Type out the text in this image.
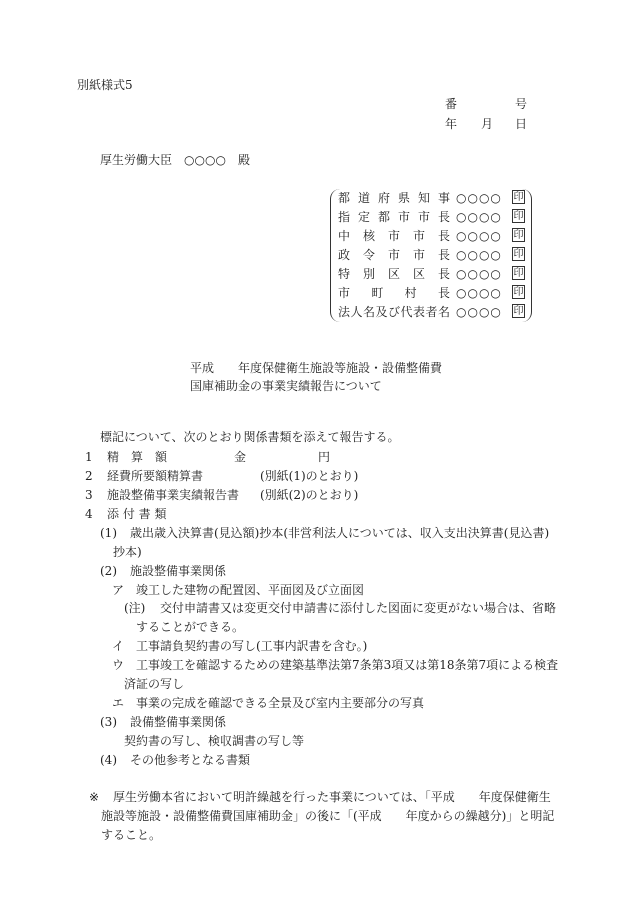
別紙様式5
番	号
年 月 日
厚生労働大臣　 ○○○○　 殿
都道府県知事 ○○○○ 印
指定都市市長 ○○○○ 印
中核市市長 ○○○○ 印
政令市市長 ○○○○ 印
特別区区長 ○○○○ 印
市町村長 ○○○○ 印
法人名及び代表者名 ○○○○ 印
平成　　年度保健衛生施設等施設・設備整備費
国庫補助金の事業実績報告について
標記について、次のとおり関係書類を添えて報告する。
1 精　算　額	金　　　　　　円
2 経費所要額精算書	(別紙(1)のとおり)
3 施設整備事業実績報告書 (別紙(2)のとおり)
4 添 付 書 類
(1) 歳出歳入決算書(見込額)抄本(非営利法人については、収入支出決算書(見込書)
抄本)
(2) 施設整備事業関係
ア 竣工した建物の配置図、平面図及び立面図
(注) 交付申請書又は変更交付申請書に添付した図面に変更がない場合は、省略
することができる。
イ 工事請負契約書の写し(工事内訳書を含む。)
ウ 工事竣工を確認するための建築基準法第7条第3項又は第18条第7項による検査
済証の写し
エ 事業の完成を確認できる全景及び室内主要部分の写真
(3) 設備整備事業関係
契約書の写し、検収調書の写し等
(4) その他参考となる書類
※ 厚生労働本省において明許繰越を行った事業については、「平成　　年度保健衛生
施設等施設・設備整備費国庫補助金」の後に「(平成　　年度からの繰越分)」と明記
すること。
